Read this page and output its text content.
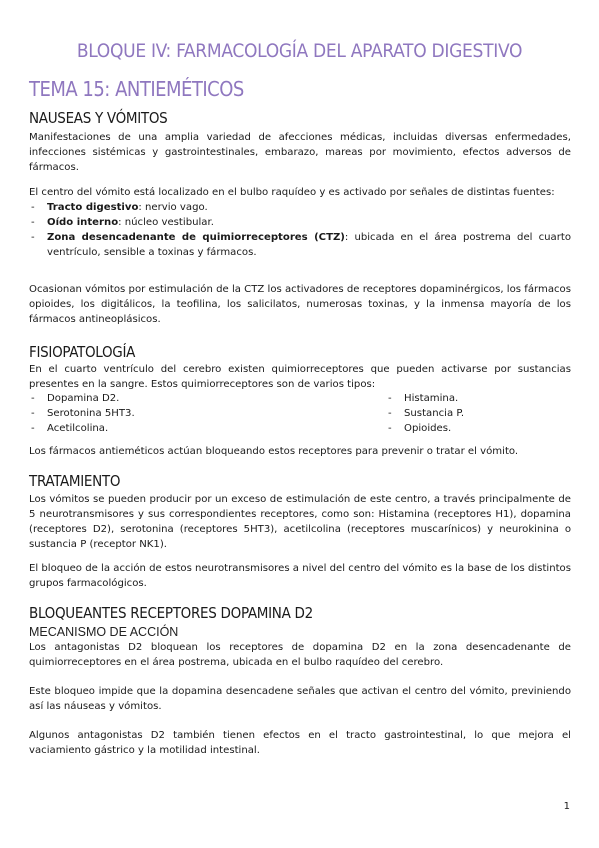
BLOQUE IV: FARMACOLOGÍA DEL APARATO DIGESTIVO
TEMA 15: ANTIEMÉTICOS
NAUSEAS Y VÓMITOS

Manifestaciones de una amplia variedad de afecciones médicas, incluidas diversas enfermedades, infecciones sistémicas y gastrointestinales, embarazo, mareas por movimiento, efectos adversos de fármacos.

El centro del vómito está localizado en el bulbo raquídeo y es activado por señales de distintas fuentes:

- Tracto digestivo: nervio vago.
- Oído interno: núcleo vestibular.
- Zona desencadenante de quimiorreceptores (CTZ): ubicada en el área postrema del cuarto ventrículo, sensible a toxinas y fármacos.

Ocasionan vómitos por estimulación de la CTZ los activadores de receptores dopaminérgicos, los fármacos opioides, los digitálicos, la teofilina, los salicilatos, numerosas toxinas, y la inmensa mayoría de los fármacos antineoplásicos.

FISIOPATOLOGÍA

En el cuarto ventrículo del cerebro existen quimiorreceptores que pueden activarse por sustancias presentes en la sangre. Estos quimiorreceptores son de varios tipos:

- Dopamina D2.
- Serotonina 5HT3.
- Acetilcolina.
- Histamina.
- Sustancia P.
- Opioides.

Los fármacos antieméticos actúan bloqueando estos receptores para prevenir o tratar el vómito.

TRATAMIENTO

Los vómitos se pueden producir por un exceso de estimulación de este centro, a través principalmente de 5 neurotransmisores y sus correspondientes receptores, como son: Histamina (receptores H1), dopamina (receptores D2), serotonina (receptores 5HT3), acetilcolina (receptores muscarínicos) y neurokinina o sustancia P (receptor NK1).

El bloqueo de la acción de estos neurotransmisores a nivel del centro del vómito es la base de los distintos grupos farmacológicos.

BLOQUEANTES RECEPTORES DOPAMINA D2
MECANISMO DE ACCIÓN

Los antagonistas D2 bloquean los receptores de dopamina D2 en la zona desencadenante de quimiorreceptores en el área postrema, ubicada en el bulbo raquídeo del cerebro.

Este bloqueo impide que la dopamina desencadene señales que activan el centro del vómito, previniendo así las náuseas y vómitos.

Algunos antagonistas D2 también tienen efectos en el tracto gastrointestinal, lo que mejora el vaciamiento gástrico y la motilidad intestinal.

1
